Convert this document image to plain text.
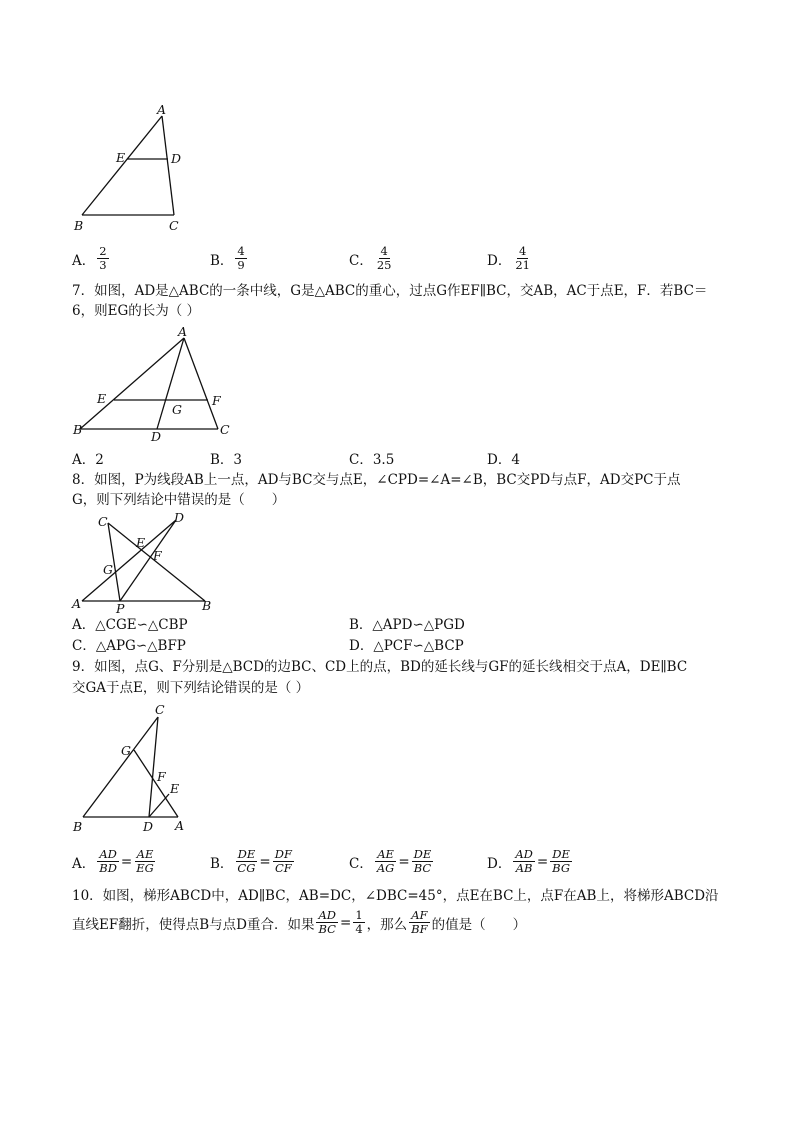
A
E	D
B	C
A． $\frac{2}{3}$	B． $\frac{4}{9}$	C． $\frac{4}{25}$	D． $\frac{4}{21}$
7．如图，AD是△ABC的一条中线，G是△ABC的重心，过点G作EF∥BC，交AB，AC于点E，F．若BC＝
6，则EG的长为（ ）
A
E
G
F
B	D	C
A．2	B．3	C．3.5	D．4
8．如图，P为线段AB上一点，AD与BC交与点E，∠CPD=∠A=∠B，BC交PD与点F，AD交PC于点
G，则下列结论中错误的是（　　）
C	D
E
F
G
A	P	B
A．△CGE∽△CBP	B．△APD∽△PGD
C．△APG∽△BFP	D．△PCF∽△BCP
9．如图，点G、F分别是△BCD的边BC、CD上的点，BD的延长线与GF的延长线相交于点A，DE∥BC
交GA于点E，则下列结论错误的是（ ）
C
G
F
E
B	D A
A． $\frac{AD}{BD} = \frac{AE}{EG}$	B． $\frac{DE}{CG} = \frac{DF}{CF}$	C． $\frac{AE}{AG} = \frac{DE}{BC}$	D． $\frac{AD}{AB} = \frac{DE}{BG}$
10．如图，梯形ABCD中，AD∥BC，AB=DC，∠DBC=45°，点E在BC上，点F在AB上，将梯形ABCD沿
直线EF翻折，使得点B与点D重合．如果 $\frac{AD}{BC} = \frac{1}{4}$ ，那么 $\frac{AF}{BF}$ 的值是（　　）
